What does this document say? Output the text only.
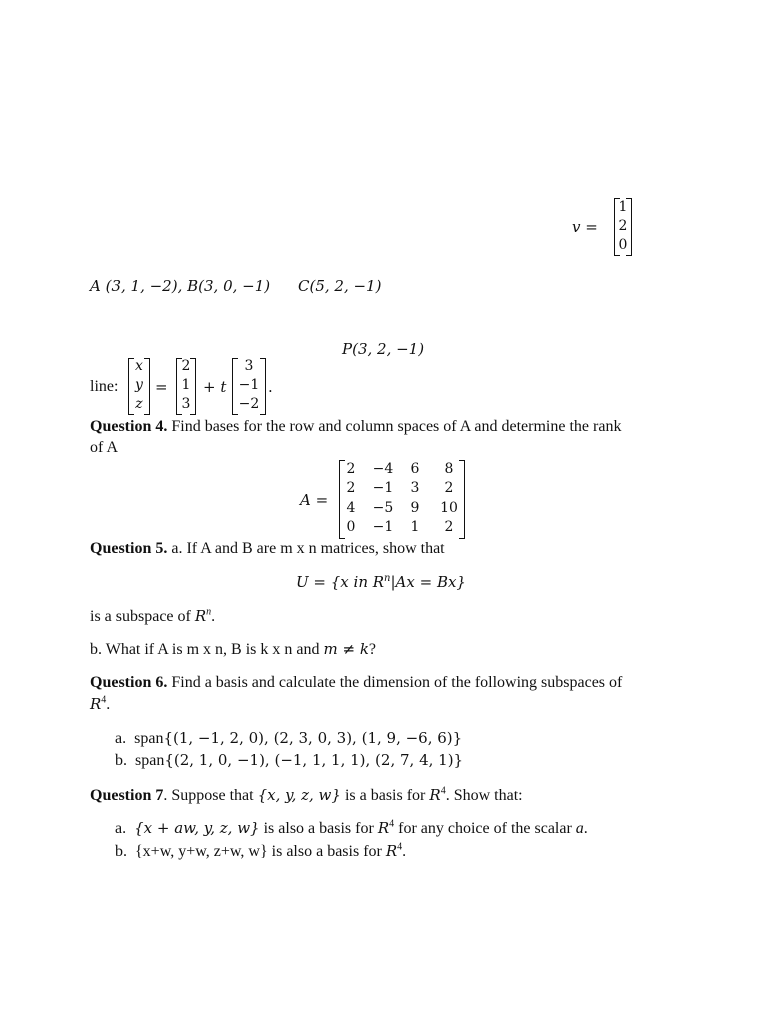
v =
1
2
0
A (3, 1, −2), B(3, 0, −1) C(5, 2, −1)
P(3, 2, −1)
line:
x
y
z
=
2
1
3
+ t
3
−1
−2
.
Question 4. Find bases for the row and column spaces of A and determine the rank
of A
A =
2	−4	6	8
2	−1	3	2
4	−5	9	10
0	−1	1	2
Question 5. a. If A and B are m x n matrices, show that
U = {x in $R^n|Ax = Bx$}
is a subspace of $R^n$.
b. What if A is m x n, B is k x n and m ≠ k?
Question 6. Find a basis and calculate the dimension of the following subspaces of
$R^4$.
a. span{(1, −1, 2, 0), (2, 3, 0, 3), (1, 9, −6, 6)}
b. span{(2, 1, 0, −1), (−1, 1, 1, 1), (2, 7, 4, 1)}
Question 7. Suppose that {x, y, z, w} is a basis for $R^4$. Show that:
a. {x + aw, y, z, w} is also a basis for $R^4$ for any choice of the scalar a.
b. {x+w, y+w, z+w, w} is also a basis for $R^4$.
